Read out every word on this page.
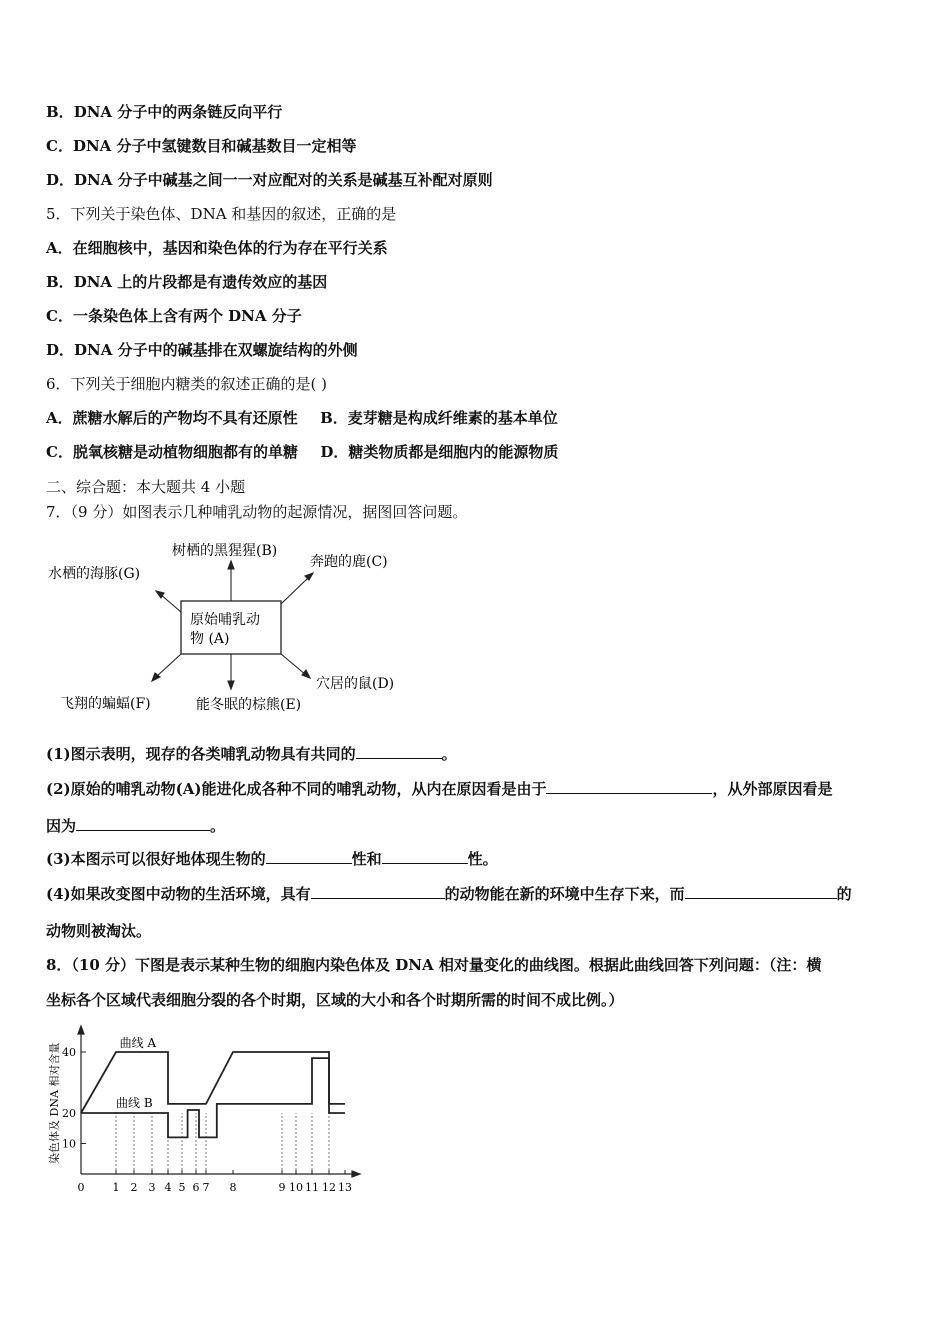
B．DNA 分子中的两条链反向平行
C．DNA 分子中氢键数目和碱基数目一定相等
D．DNA 分子中碱基之间一一对应配对的关系是碱基互补配对原则
5．下列关于染色体、DNA 和基因的叙述，正确的是
A．在细胞核中，基因和染色体的行为存在平行关系
B．DNA 上的片段都是有遗传效应的基因
C．一条染色体上含有两个 DNA 分子
D．DNA 分子中的碱基排在双螺旋结构的外侧
6．下列关于细胞内糖类的叙述正确的是( )
A．蔗糖水解后的产物均不具有还原性 B．麦芽糖是构成纤维素的基本单位
C．脱氧核糖是动植物细胞都有的单糖 D．糖类物质都是细胞内的能源物质
二、综合题：本大题共 4 小题
7．（9 分）如图表示几种哺乳动物的起源情况，据图回答问题。
原始哺乳动
物 (A)
树栖的黑猩猩(B)
奔跑的鹿(C)
水栖的海豚(G)
穴居的鼠(D)
能冬眠的棕熊(E)
飞翔的蝙蝠(F)
(1)图示表明，现存的各类哺乳动物具有共同的	。
(2)原始的哺乳动物(A)能进化成各种不同的哺乳动物，从内在原因看是由于	，从外部原因看是
因为	。
(3)本图示可以很好地体现生物的	性和	性。
(4)如果改变图中动物的生活环境，具有	的动物能在新的环境中生存下来，而	的
动物则被淘汰。
8．（10 分）下图是表示某种生物的细胞内染色体及 DNA 相对量变化的曲线图。根据此曲线回答下列问题：（注：横
坐标各个区域代表细胞分裂的各个时期，区域的大小和各个时期所需的时间不成比例。）
染色体及 DNA 相对含量 10
20
40
0	1 2 3 4 5 6 7 8	9 10 11 12 13
曲线 A
曲线 B
